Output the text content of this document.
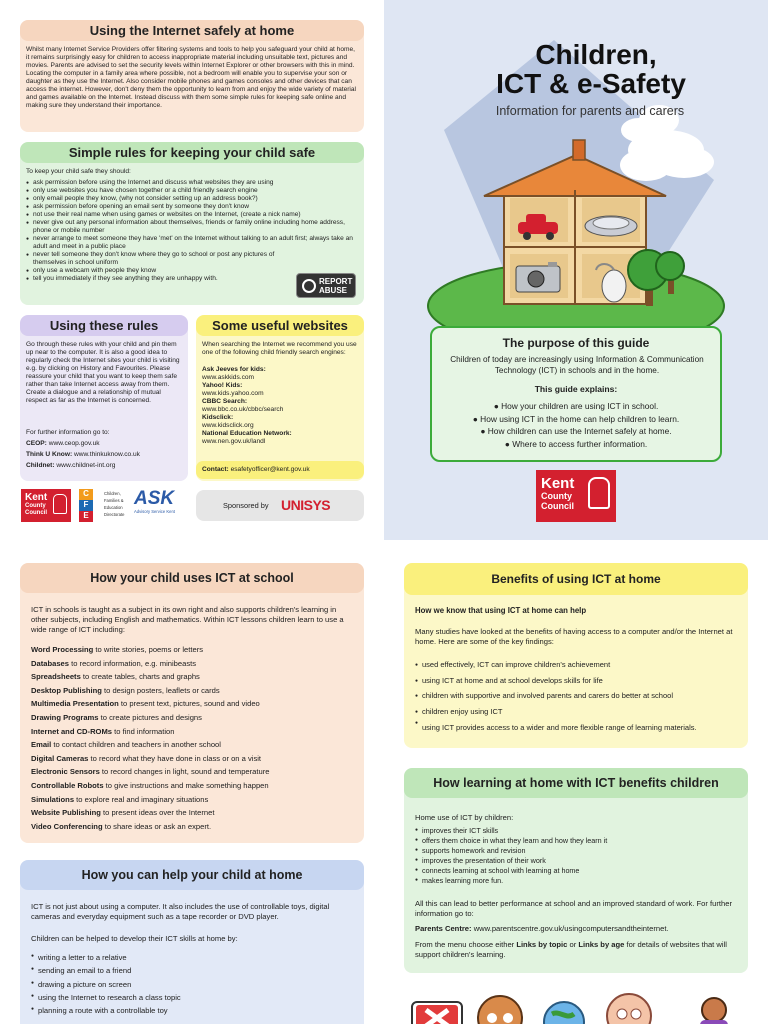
Using the Internet safely at home
Whilst many Internet Service Providers offer filtering systems and tools to help you safeguard your child at home, it remains surprisingly easy for children to access inappropriate material including unsuitable text, pictures and movies. Parents are advised to set the security levels within Internet Explorer or other browsers with this in mind. Locating the computer in a family area where possible, not a bedroom will enable you to supervise your son or daughter as they use the Internet. Also consider mobile phones and games consoles and other devices that can access the internet. However, don't deny them the opportunity to learn from and enjoy the wide variety of material and games available on the Internet. Instead discuss with them some simple rules for keeping safe online and making sure they understand their importance.
Simple rules for keeping your child safe
To keep your child safe they should:
● ask permission before using the Internet and discuss what websites they are using
● only use websites you have chosen together or a child friendly search engine
● only email people they know, (why not consider setting up an address book?)
● ask permission before opening an email sent by someone they don't know
● not use their real name when using games or websites on the Internet, (create a nick name)
● never give out any personal information about themselves, friends or family online including home address, phone or mobile number
● never arrange to meet someone they have 'met' on the Internet without talking to an adult first; always take an adult and meet in a public place
● never tell someone they don't know where they go to school or post any pictures of themselves in school uniform
● only use a webcam with people they know
● tell you immediately if they see anything they are unhappy with.	REPORT
ABUSE
Using these rules
Go through these rules with your child and pin them up near to the computer. It is also a good idea to regularly check the Internet sites your child is visiting e.g. by clicking on History and Favourites. Please reassure your child that you want to keep them safe rather than take Internet access away from them. Create a dialogue and a relationship of mutual respect as far as the Internet is concerned.
For further information go to:
CEOP: www.ceop.gov.uk
Think U Know: www.thinkuknow.co.uk
Childnet: www.childnet-int.org
Some useful websites
When searching the Internet we recommend you use one of the following child friendly search engines:
Ask Jeeves for kids:
www.askkids.com
Yahoo! Kids:
www.kids.yahoo.com
CBBC Search:
www.bbc.co.uk/cbbc/search
Kidsclick:
www.kidsclick.org
National Education Network:
www.nen.gov.uk/landl
Contact: esafetyofficer@kent.gov.uk
Kent
County
Council
C
F
E
Children,
Families &
Education
Directorate
ASK
Advisory Service Kent
Sponsored by UNISYS
Children,
ICT & e-Safety
Information for parents and carers
The purpose of this guide
Children of today are increasingly using Information & Communication Technology (ICT) in schools and in the home.
This guide explains:
● How your children are using ICT in school.
● How using ICT in the home can help children to learn.
● How children can use the Internet safely at home.
● Where to access further information.
Kent
County
Council
How your child uses ICT at school
ICT in schools is taught as a subject in its own right and also supports children's learning in other subjects, including English and mathematics. Within ICT lessons children learn to use a wide range of ICT including:
Word Processing to write stories, poems or letters
Databases to record information, e.g. minibeasts
Spreadsheets to create tables, charts and graphs
Desktop Publishing to design posters, leaflets or cards
Multimedia Presentation to present text, pictures, sound and video
Drawing Programs to create pictures and designs
Internet and CD-ROMs to find information
Email to contact children and teachers in another school
Digital Cameras to record what they have done in class or on a visit
Electronic Sensors to record changes in light, sound and temperature
Controllable Robots to give instructions and make something happen
Simulations to explore real and imaginary situations
Website Publishing to present ideas over the Internet
Video Conferencing to share ideas or ask an expert.
How you can help your child at home
ICT is not just about using a computer. It also includes the use of controllable toys, digital cameras and everyday equipment such as a tape recorder or DVD player.
Children can be helped to develop their ICT skills at home by:
● writing a letter to a relative
● sending an email to a friend
● drawing a picture on screen
● using the Internet to research a class topic
● planning a route with a controllable toy
Benefits of using ICT at home
How we know that using ICT at home can help
Many studies have looked at the benefits of having access to a computer and/or the Internet at home. Here are some of the key findings:
● used effectively, ICT can improve children's achievement
● using ICT at home and at school develops skills for life
● children with supportive and involved parents and carers do better at school
● children enjoy using ICT
● using ICT provides access to a wider and more flexible range of learning materials.
How learning at home with ICT benefits children
Home use of ICT by children:
● improves their ICT skills
● offers them choice in what they learn and how they learn it
● supports homework and revision
● improves the presentation of their work
● connects learning at school with learning at home
● makes learning more fun.
All this can lead to better performance at school and an improved standard of work. For further information go to:
Parents Centre: www.parentscentre.gov.uk/usingcomputersandtheinternet.
From the menu choose either Links by topic or Links by age for details of websites that will support children's learning.
